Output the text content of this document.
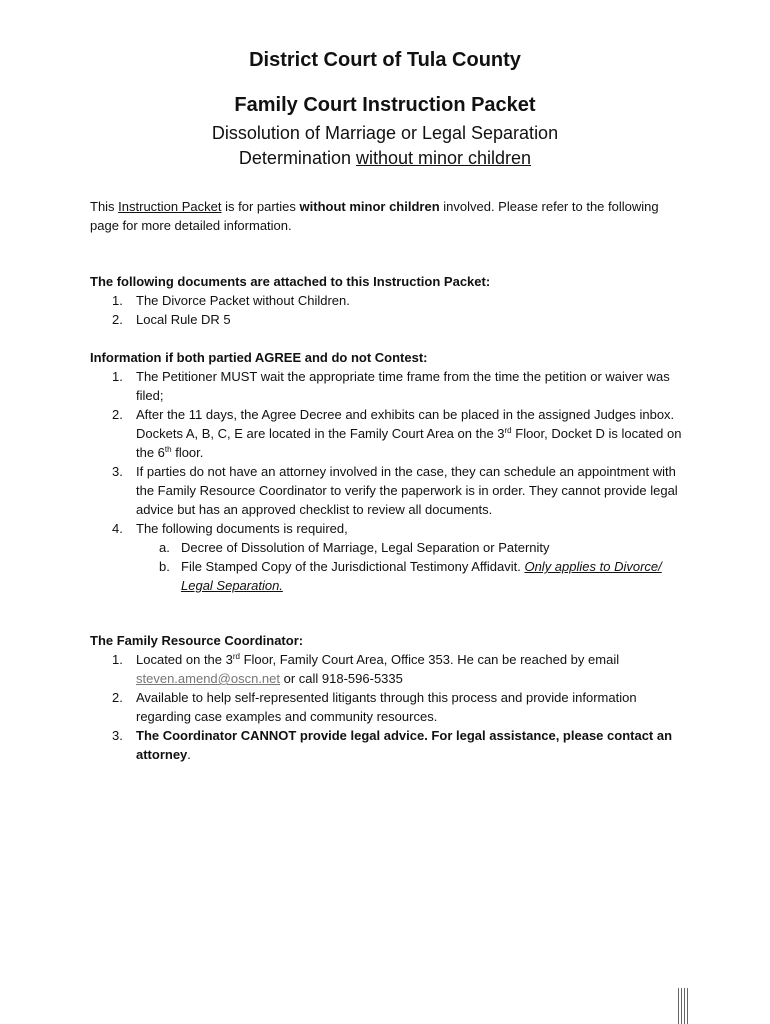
District Court of Tula County
Family Court Instruction Packet
Dissolution of Marriage or Legal Separation
Determination without minor children
This Instruction Packet is for parties without minor children involved. Please refer to the following page for more detailed information.
The following documents are attached to this Instruction Packet:
1. The Divorce Packet without Children.
2. Local Rule DR 5
Information if both partied AGREE and do not Contest:
1. The Petitioner MUST wait the appropriate time frame from the time the petition or waiver was filed;
2. After the 11 days, the Agree Decree and exhibits can be placed in the assigned Judges inbox. Dockets A, B, C, E are located in the Family Court Area on the 3rd Floor, Docket D is located on the 6th floor.
3. If parties do not have an attorney involved in the case, they can schedule an appointment with the Family Resource Coordinator to verify the paperwork is in order. They cannot provide legal advice but has an approved checklist to review all documents.
4. The following documents is required,
a. Decree of Dissolution of Marriage, Legal Separation or Paternity
b. File Stamped Copy of the Jurisdictional Testimony Affidavit. Only applies to Divorce/ Legal Separation.
The Family Resource Coordinator:
1. Located on the 3rd Floor, Family Court Area, Office 353. He can be reached by email steven.amend@oscn.net or call 918-596-5335
2. Available to help self-represented litigants through this process and provide information regarding case examples and community resources.
3. The Coordinator CANNOT provide legal advice. For legal assistance, please contact an attorney.
